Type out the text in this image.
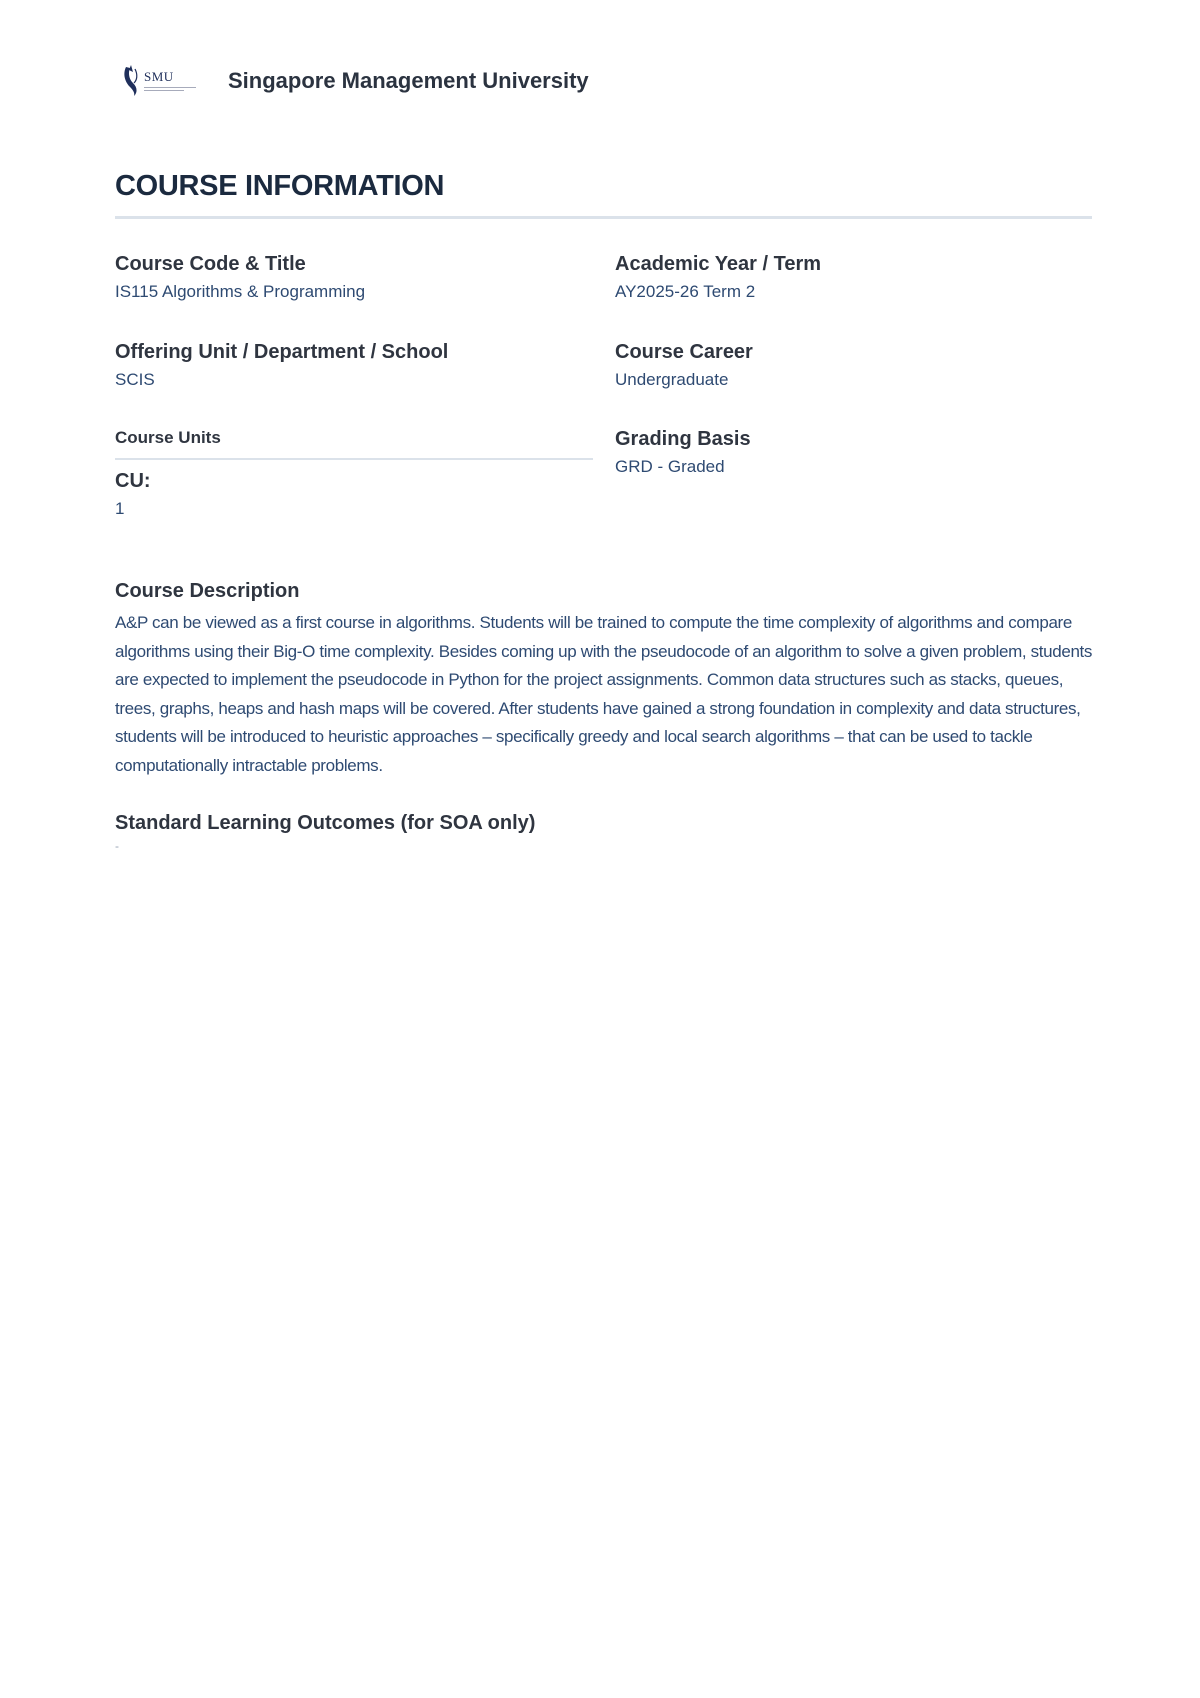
SMU	Singapore Management University
COURSE INFORMATION
Course Code & Title
IS115 Algorithms & Programming
Academic Year / Term
AY2025-26 Term 2
Offering Unit / Department / School
SCIS
Course Career
Undergraduate
Course Units
CU:
1
Grading Basis
GRD - Graded
Course Description
A&P can be viewed as a first course in algorithms. Students will be trained to compute the time complexity of algorithms and compare algorithms using their Big-O time complexity. Besides coming up with the pseudocode of an algorithm to solve a given problem, students are expected to implement the pseudocode in Python for the project assignments. Common data structures such as stacks, queues, trees, graphs, heaps and hash maps will be covered. After students have gained a strong foundation in complexity and data structures, students will be introduced to heuristic approaches – specifically greedy and local search algorithms – that can be used to tackle computationally intractable problems.
Standard Learning Outcomes (for SOA only)
-
